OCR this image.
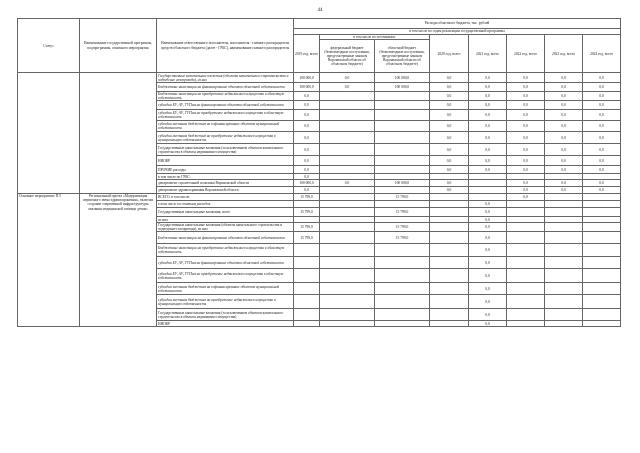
44
Статус	Наименование государственной программы, подпрограммы, основного мероприятия	Наименование ответственного исполнителя, исполнителя - главного распорядителя средств областного бюджета (далее - ГРБС), наименование главного распорядителя	Расходы областного бюджета, тыс. рублей							
			в том числе по годам реализации государственной программы							
			2019 год, всего	в том числе по источникам:		2020 год, всего	2021 год, всего	2022 год, всего	2023 год, всего	2024 год, всего
				федеральный бюджет (безвозмездные поступления, предусмотренные законом Воронежской области об областном бюджете)	областной бюджет (безвозмездные поступления, предусмотренные законом Воронежской области об областном бюджете)					
		Государственные капитальные вложения (объекты капитального строительства и подведение газопровода), из них	100 000,0	0,0	100 000,0	0,0	0,0	0,0	0,0	0,0
		Бюджетные инвестиции на финансирование объектов областной собственности	100 000,0	0,0	100 000,0	0,0	0,0	0,0	0,0	0,0
		Бюджетные инвестиции на приобретение недвижимого имущества в областную собственность	0,0			0,0	0,0	0,0	0,0	0,0
		субсидии БУ, АУ, ГУПам на финансирование объектов областной собственности	0,0			0,0	0,0	0,0	0,0	0,0
		субсидии БУ, АУ, ГУПам на приобретение недвижимого имущества в областную собственность	0,0			0,0	0,0	0,0	0,0	0,0
		субсидии местным бюджетам на софинансирование объектов муниципальной собственности	0,0			0,0	0,0	0,0	0,0	0,0
		субсидии местным бюджетам на приобретение недвижимого имущества в муниципальную собственность	0,0			0,0	0,0	0,0	0,0	0,0
		Государственные капитальные вложения (за исключением объектов капитального строительства в объекты недвижимого имущества)	0,0			0,0	0,0	0,0	0,0	0,0
		НИОКР	0,0			0,0	0,0	0,0	0,0	0,0
		ПРОЧИЕ расходы	0,0			0,0	0,0	0,0	0,0	0,0
		в том числе по ГРБС:	0,0							
		департамент строительной политики Воронежской области	100 000,0	0,0	100 000,0	0,0		0,0	0,0	0,0
		департамент здравоохранения Воронежской области	0,0			0,0		0,0	0,0	0,0
Основное мероприятие П.5	Региональный проект «Модернизация первичного звена здравоохранения», включая создание современной инфраструктуры оказания медицинской помощи детям»	ВСЕГО, в том числе:	15 799,0		15 799,0			0,0		
		в том числе по статьям расходов					0,0			
		Государственные капитальные вложения, всего	15 799,0		15 799,0		0,0			
		из них					0,0			
		Государственные капитальные вложения (объекты капитального строительства и подведение газопровода), из них	15 799,0		15 799,0		0,0			
		Бюджетные инвестиции на финансирование объектов областной собственности	15 799,0		15 799,0		0,0			
		Бюджетные инвестиции на приобретение недвижимого имущества в областную собственность					0,0			
		субсидии БУ, АУ, ГУПам на финансирование объектов областной собственности					0,0			
		субсидии БУ, АУ, ГУПам на приобретение недвижимого имущества в областную собственность					0,0			
		субсидии местным бюджетам на софинансирование объектов муниципальной собственности					0,0			
		субсидии местным бюджетам на приобретение недвижимого имущества в муниципальную собственность					0,0			
		Государственные капитальные вложения (за исключением объектов капитального строительства в объекты недвижимого имущества)					0,0			
		НИОКР					0,0			
